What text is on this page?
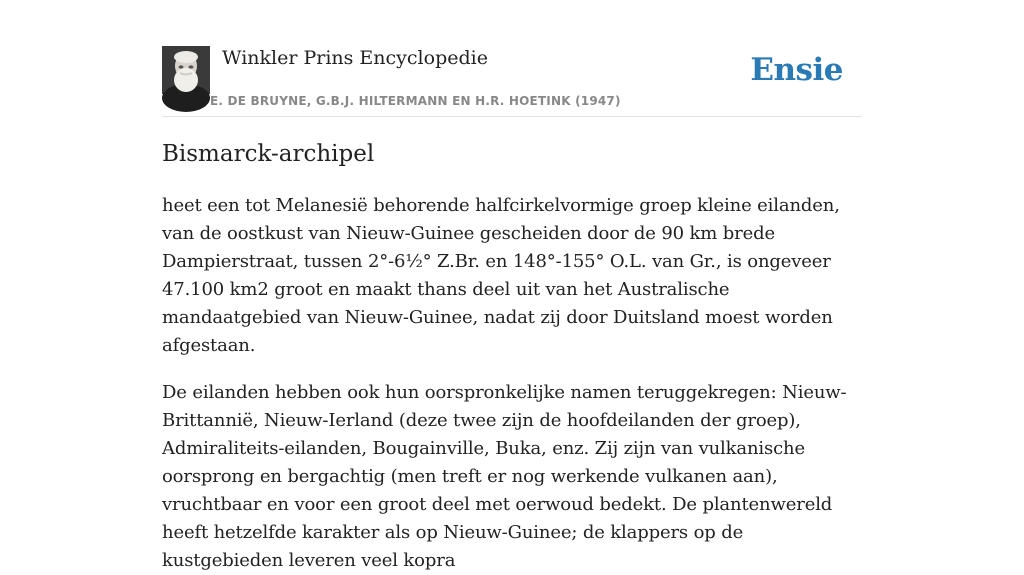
Winkler Prins Encyclopedie
E. DE BRUYNE, G.B.J. HILTERMANN EN H.R. HOETINK (1947)
Ensie
Bismarck-archipel

heet een tot Melanesië behorende halfcirkelvormige groep kleine eilanden, van de oostkust van Nieuw-Guinee gescheiden door de 90 km brede Dampierstraat, tussen 2°-6½° Z.Br. en 148°-155° O.L. van Gr., is ongeveer 47.100 km2 groot en maakt thans deel uit van het Australische mandaatgebied van Nieuw-Guinee, nadat zij door Duitsland moest worden afgestaan.

De eilanden hebben ook hun oorspronkelijke namen teruggekregen: Nieuw-Brittannië, Nieuw-Ierland (deze twee zijn de hoofdeilanden der groep), Admiraliteits-eilanden, Bougainville, Buka, enz. Zij zijn van vulkanische oorsprong en bergachtig (men treft er nog werkende vulkanen aan), vruchtbaar en voor een groot deel met oerwoud bedekt. De plantenwereld heeft hetzelfde karakter als op Nieuw-Guinee; de klappers op de kustgebieden leveren veel kopra
